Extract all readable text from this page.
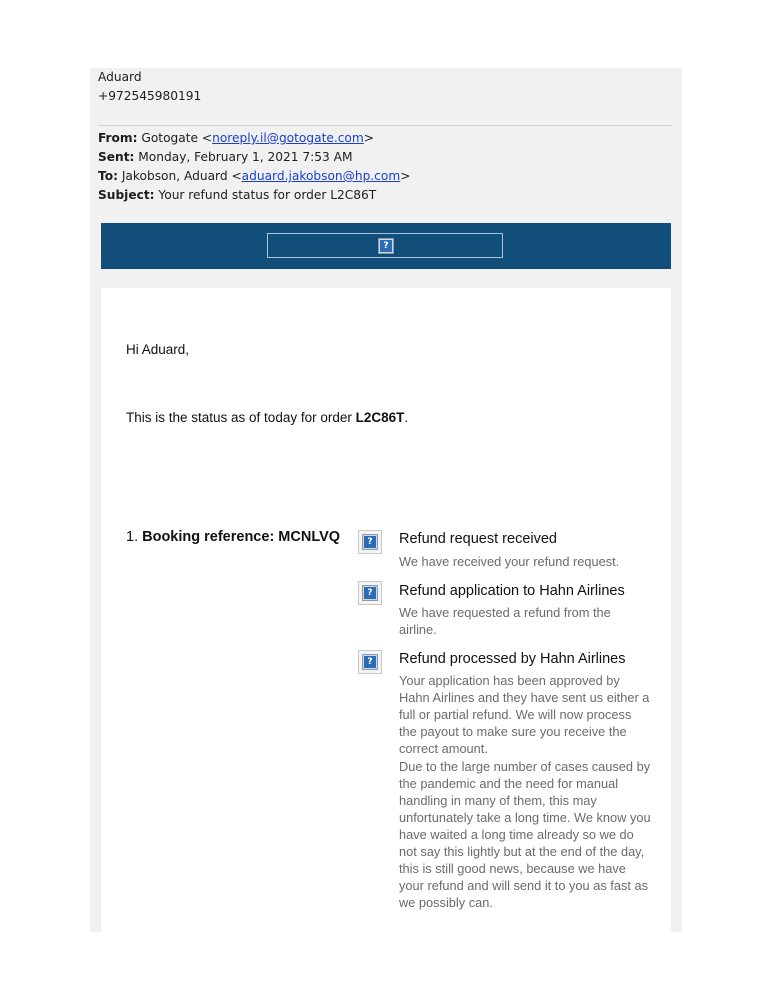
Aduard
+972545980191
From: Gotogate <noreply.il@gotogate.com>
Sent: Monday, February 1, 2021 7:53 AM
To: Jakobson, Aduard <aduard.jakobson@hp.com>
Subject: Your refund status for order L2C86T
?
Hi Aduard,
This is the status as of today for order L2C86T.
1. Booking reference: MCNLVQ	?	Refund request received
We have received your refund request.
?	Refund application to Hahn Airlines
We have requested a refund from the airline.
?	Refund processed by Hahn Airlines
Your application has been approved by Hahn Airlines and they have sent us either a full or partial refund. We will now process the payout to make sure you receive the correct amount.
Due to the large number of cases caused by the pandemic and the need for manual handling in many of them, this may unfortunately take a long time. We know you have waited a long time already so we do not say this lightly but at the end of the day, this is still good news, because we have your refund and will send it to you as fast as we possibly can.
